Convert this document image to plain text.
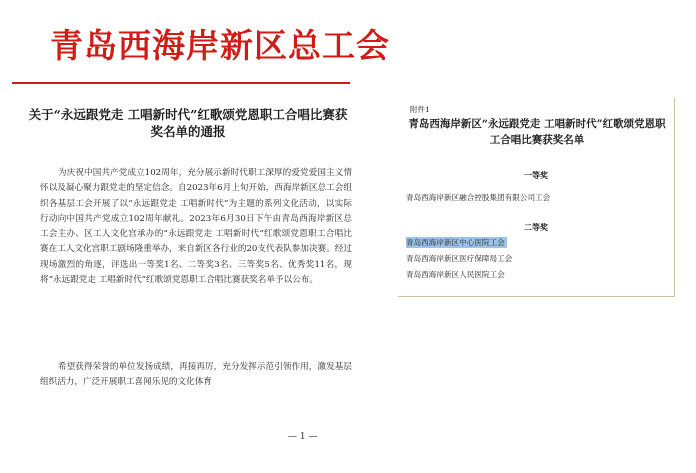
青岛西海岸新区总工会
关于“永远跟党走 工唱新时代”红歌颂党恩职工合唱比赛获奖名单的通报
为庆祝中国共产党成立102周年，充分展示新时代职工深厚的爱党爱国主义情怀以及凝心聚力跟党走的坚定信念。自2023年6月上旬开始，西海岸新区总工会组织各基层工会开展了以“永远跟党走 工唱新时代”为主题的系列文化活动，以实际行动向中国共产党成立102周年献礼。2023年6月30日下午由青岛西海岸新区总工会主办、区工人文化宫承办的“永远跟党走 工唱新时代”红歌颂党恩职工合唱比赛在工人文化宫职工剧场隆重举办，来自新区各行业的20支代表队参加决赛。经过现场激烈的角逐，评选出一等奖1名、二等奖3名、三等奖5名、优秀奖11名，现将“永远跟党走 工唱新时代”红歌颂党恩职工合唱比赛获奖名单予以公布。
希望获得荣誉的单位发扬成绩，再接再厉，充分发挥示范引领作用，激发基层组织活力，广泛开展职工喜闻乐见的文化体育
— 1 —
附件1
青岛西海岸新区“永远跟党走 工唱新时代”红歌颂党恩职工合唱比赛获奖名单
一等奖
青岛西海岸新区融合控股集团有限公司工会
二等奖
青岛西海岸新区中心医院工会
青岛西海岸新区医疗保障局工会
青岛西海岸新区人民医院工会
